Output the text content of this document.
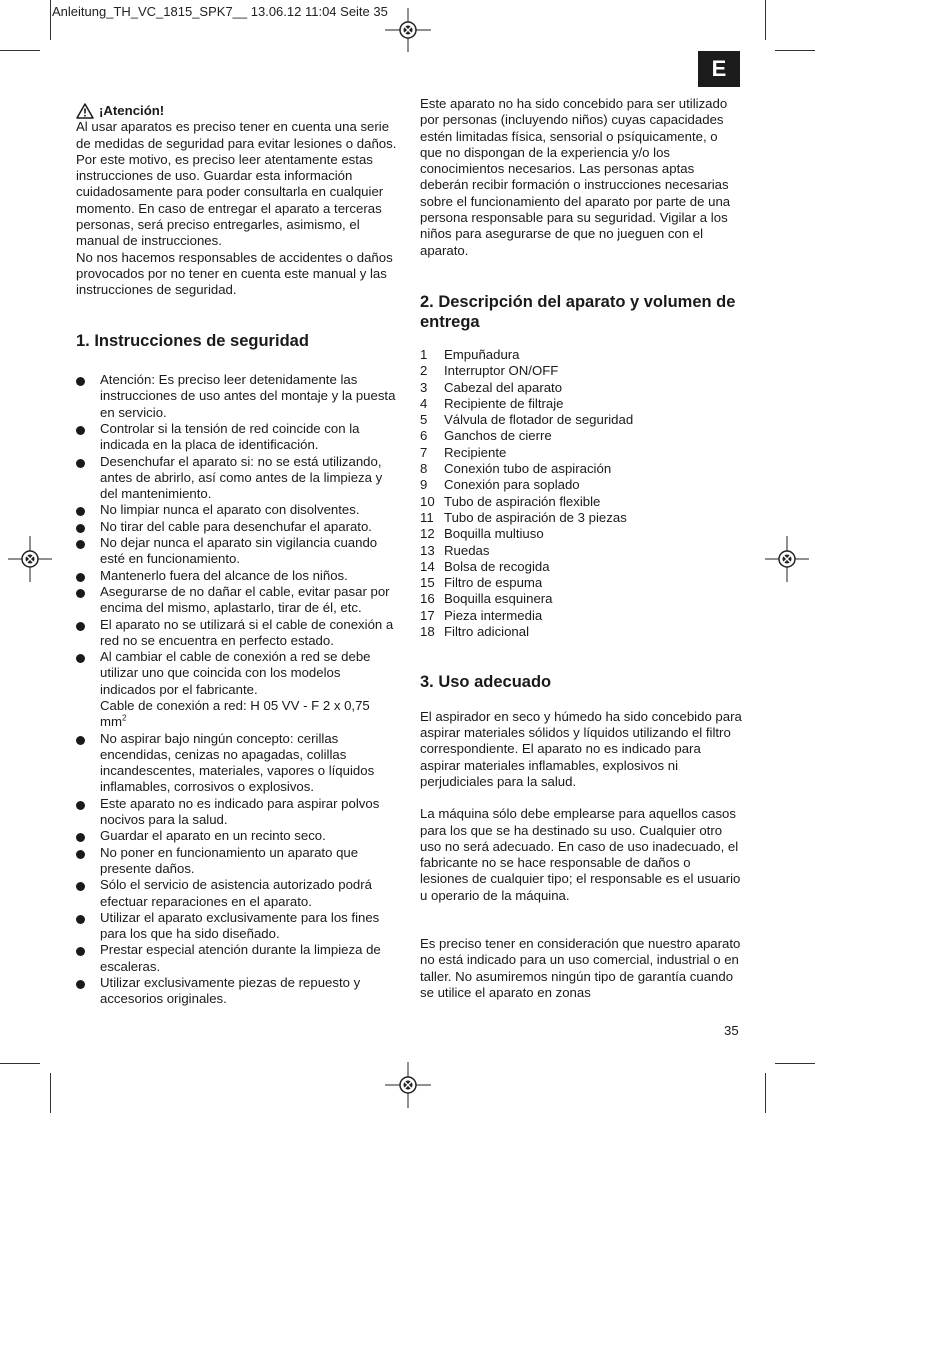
Anleitung_TH_VC_1815_SPK7__ 13.06.12 11:04 Seite 35
E
¡Atención!

Al usar aparatos es preciso tener en cuenta una serie de medidas de seguridad para evitar lesiones o daños. Por este motivo, es preciso leer atentamente estas instrucciones de uso. Guardar esta información cuidadosamente para poder consultarla en cualquier momento. En caso de entregar el aparato a terceras personas, será preciso entregarles, asimismo, el manual de instrucciones.

No nos hacemos responsables de accidentes o daños provocados por no tener en cuenta este manual y las instrucciones de seguridad.

1. Instrucciones de seguridad
Atención: Es preciso leer detenidamente las instrucciones de uso antes del montaje y la puesta en servicio.
Controlar si la tensión de red coincide con la indicada en la placa de identificación.
Desenchufar el aparato si: no se está utilizando, antes de abrirlo, así como antes de la limpieza y del mantenimiento.
No limpiar nunca el aparato con disolventes.
No tirar del cable para desenchufar el aparato.
No dejar nunca el aparato sin vigilancia cuando esté en funcionamiento.
Mantenerlo fuera del alcance de los niños.
Asegurarse de no dañar el cable, evitar pasar por encima del mismo, aplastarlo, tirar de él, etc.
El aparato no se utilizará si el cable de conexión a red no se encuentra en perfecto estado.
Al cambiar el cable de conexión a red se debe utilizar uno que coincida con los modelos indicados por el fabricante.
Cable de conexión a red: H 05 VV - F 2 x 0,75 $mm^2$
No aspirar bajo ningún concepto: cerillas encendidas, cenizas no apagadas, colillas incandescentes, materiales, vapores o líquidos inflamables, corrosivos o explosivos.
Este aparato no es indicado para aspirar polvos nocivos para la salud.
Guardar el aparato en un recinto seco.
No poner en funcionamiento un aparato que presente daños.
Sólo el servicio de asistencia autorizado podrá efectuar reparaciones en el aparato.
Utilizar el aparato exclusivamente para los fines para los que ha sido diseñado.
Prestar especial atención durante la limpieza de escaleras.
Utilizar exclusivamente piezas de repuesto y accesorios originales.

Este aparato no ha sido concebido para ser utilizado por personas (incluyendo niños) cuyas capacidades estén limitadas física, sensorial o psíquicamente, o que no dispongan de la experiencia y/o los conocimientos necesarios. Las personas aptas deberán recibir formación o instrucciones necesarias sobre el funcionamiento del aparato por parte de una persona responsable para su seguridad. Vigilar a los niños para asegurarse de que no jueguen con el aparato.

2. Descripción del aparato y volumen de entrega
1	Empuñadura
2	Interruptor ON/OFF
3	Cabezal del aparato
4	Recipiente de filtraje
5	Válvula de flotador de seguridad
6	Ganchos de cierre
7	Recipiente
8	Conexión tubo de aspiración
9	Conexión para soplado
10 Tubo de aspiración flexible
11 Tubo de aspiración de 3 piezas
12 Boquilla multiuso
13 Ruedas
14 Bolsa de recogida
15 Filtro de espuma
16 Boquilla esquinera
17 Pieza intermedia
18 Filtro adicional
3. Uso adecuado

El aspirador en seco y húmedo ha sido concebido para aspirar materiales sólidos y líquidos utilizando el filtro correspondiente. El aparato no es indicado para aspirar materiales inflamables, explosivos ni perjudiciales para la salud.

La máquina sólo debe emplearse para aquellos casos para los que se ha destinado su uso. Cualquier otro uso no será adecuado. En caso de uso inadecuado, el fabricante no se hace responsable de daños o lesiones de cualquier tipo; el responsable es el usuario u operario de la máquina.

Es preciso tener en consideración que nuestro aparato no está indicado para un uso comercial, industrial o en taller. No asumiremos ningún tipo de garantía cuando se utilice el aparato en zonas

35
